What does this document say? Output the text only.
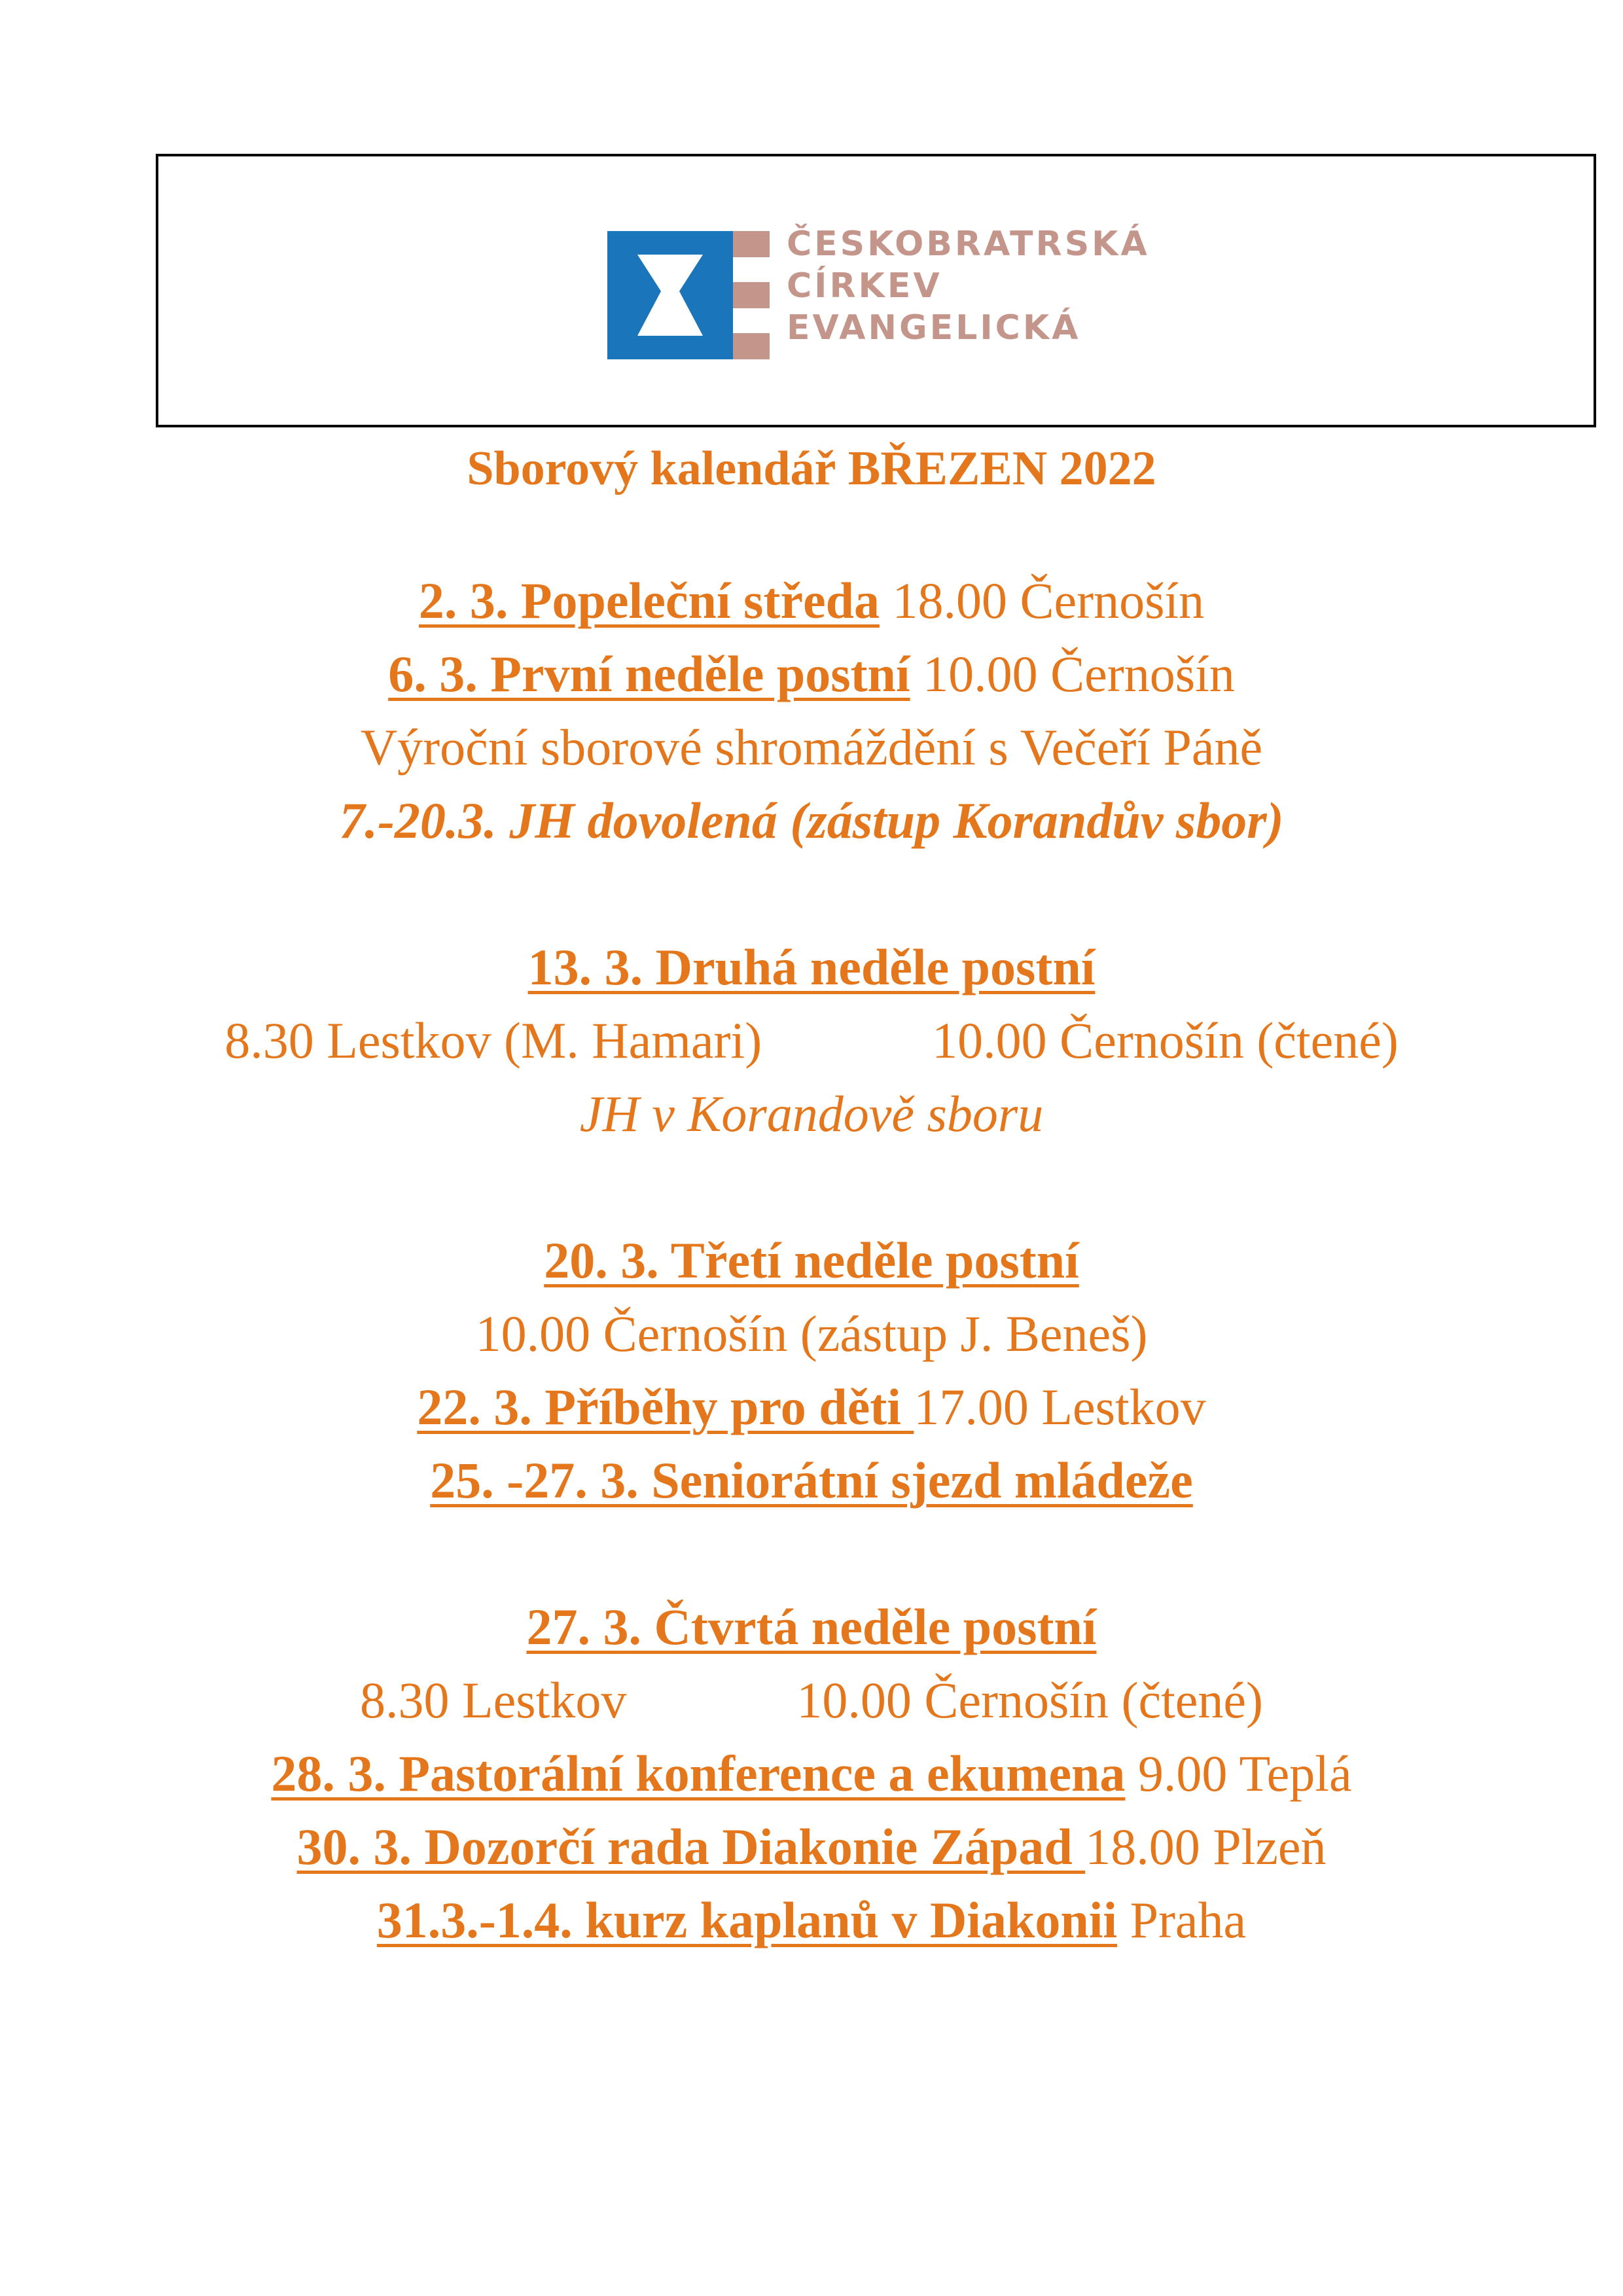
ČESKOBRATRSKÁ
CÍRKEV
EVANGELICKÁ
Sborový kalendář BŘEZEN 2022
2. 3. Popeleční středa 18.00 Černošín
6. 3. První neděle postní 10.00 Černošín
Výroční sborové shromáždění s Večeří Páně
7.-20.3. JH dovolená (zástup Korandův sbor)
13. 3. Druhá neděle postní
8.30 Lestkov (M. Hamari)	10.00 Černošín (čtené)
JH v Korandově sboru
20. 3. Třetí neděle postní
10.00 Černošín (zástup J. Beneš)
22. 3. Příběhy pro děti 17.00 Lestkov
25. -27. 3. Seniorátní sjezd mládeže
27. 3. Čtvrtá neděle postní
8.30 Lestkov	10.00 Černošín (čtené)
28. 3. Pastorální konference a ekumena 9.00 Teplá
30. 3. Dozorčí rada Diakonie Západ 18.00 Plzeň
31.3.-1.4. kurz kaplanů v Diakonii Praha
